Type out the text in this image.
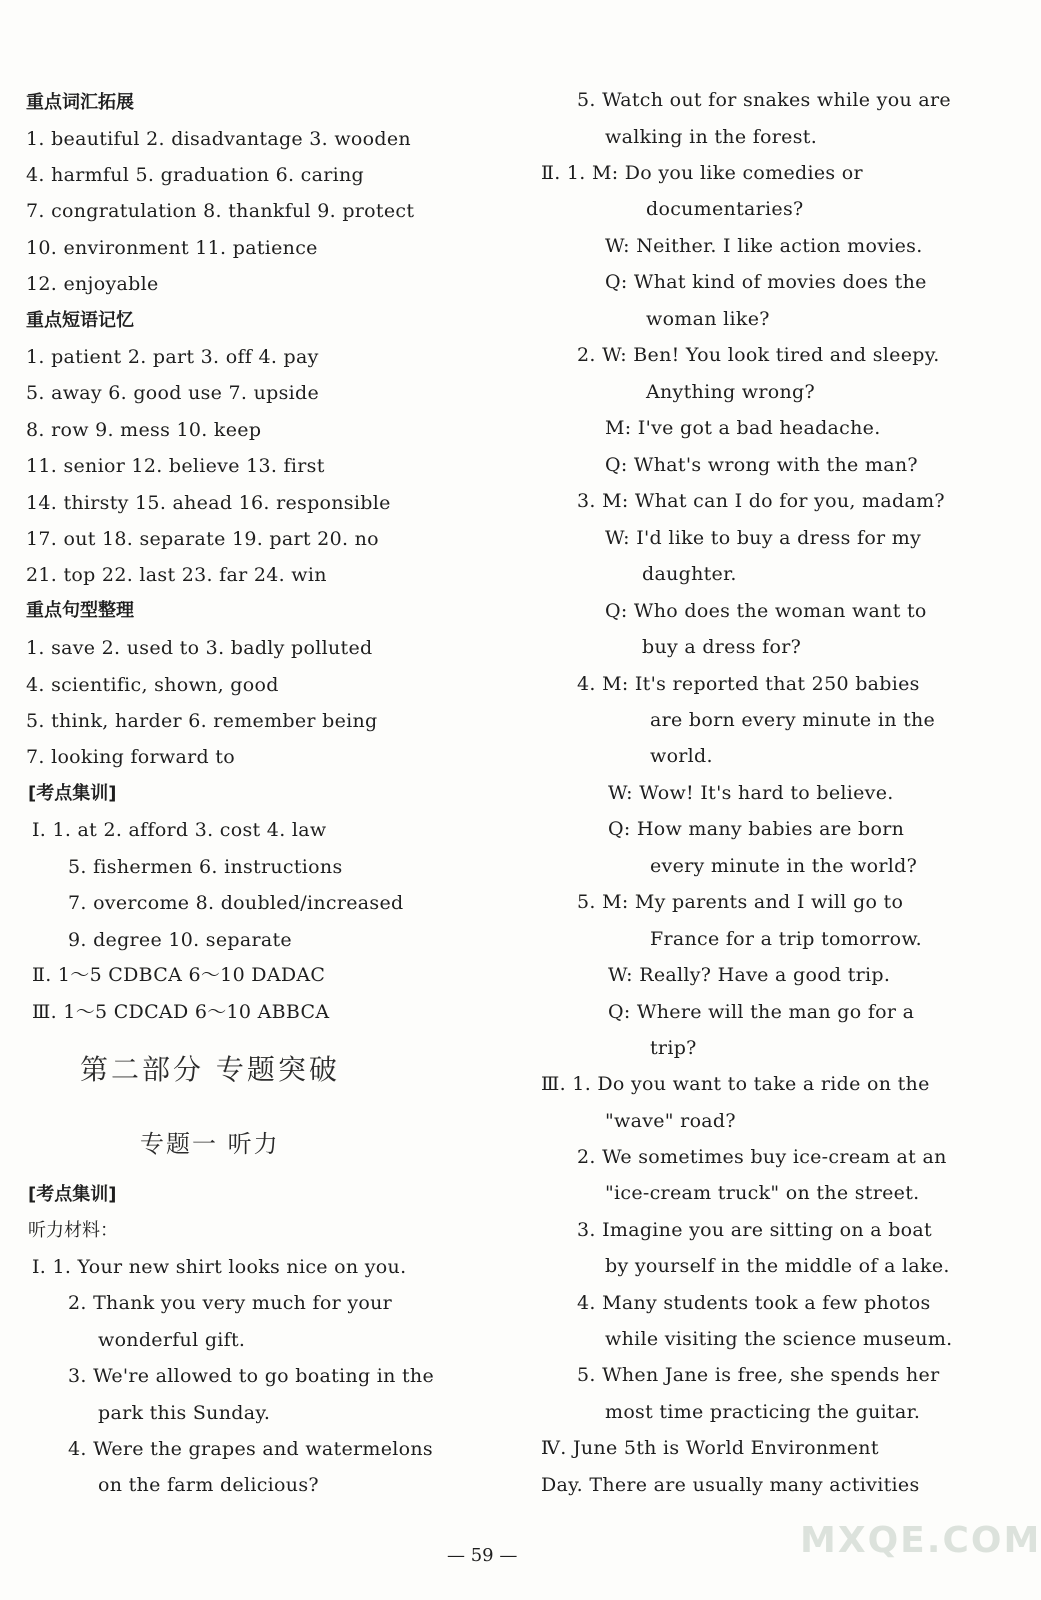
重点词汇拓展
1. beautiful 2. disadvantage 3. wooden
4. harmful 5. graduation 6. caring
7. congratulation 8. thankful 9. protect
10. environment 11. patience
12. enjoyable
重点短语记忆
1. patient 2. part 3. off 4. pay
5. away 6. good use 7. upside
8. row 9. mess 10. keep
11. senior 12. believe 13. first
14. thirsty 15. ahead 16. responsible
17. out 18. separate 19. part 20. no
21. top 22. last 23. far 24. win
重点句型整理
1. save 2. used to 3. badly polluted
4. scientific, shown, good
5. think, harder 6. remember being
7. looking forward to
[考点集训]
Ⅰ. 1. at 2. afford 3. cost 4. law
5. fishermen 6. instructions
7. overcome 8. doubled/increased
9. degree 10. separate
Ⅱ. 1～5 CDBCA 6～10 DADAC
Ⅲ. 1～5 CDCAD 6～10 ABBCA
第二部分 专题突破
专题一 听力
[考点集训]
听力材料：
Ⅰ. 1. Your new shirt looks nice on you.
2. Thank you very much for your
wonderful gift.
3. We're allowed to go boating in the
park this Sunday.
4. Were the grapes and watermelons
on the farm delicious?
5. Watch out for snakes while you are
walking in the forest.
Ⅱ. 1. M: Do you like comedies or
documentaries?
W: Neither. I like action movies.
Q: What kind of movies does the
woman like?
2. W: Ben! You look tired and sleepy.
Anything wrong?
M: I've got a bad headache.
Q: What's wrong with the man?
3. M: What can I do for you, madam?
W: I'd like to buy a dress for my
daughter.
Q: Who does the woman want to
buy a dress for?
4. M: It's reported that 250 babies
are born every minute in the
world.
W: Wow! It's hard to believe.
Q: How many babies are born
every minute in the world?
5. M: My parents and I will go to
France for a trip tomorrow.
W: Really? Have a good trip.
Q: Where will the man go for a
trip?
Ⅲ. 1. Do you want to take a ride on the
"wave" road?
2. We sometimes buy ice-cream at an
"ice-cream truck" on the street.
3. Imagine you are sitting on a boat
by yourself in the middle of a lake.
4. Many students took a few photos
while visiting the science museum.
5. When Jane is free, she spends her
most time practicing the guitar.
Ⅳ. June 5th is World Environment
Day. There are usually many activities
MXQE.COM
— 59 —
